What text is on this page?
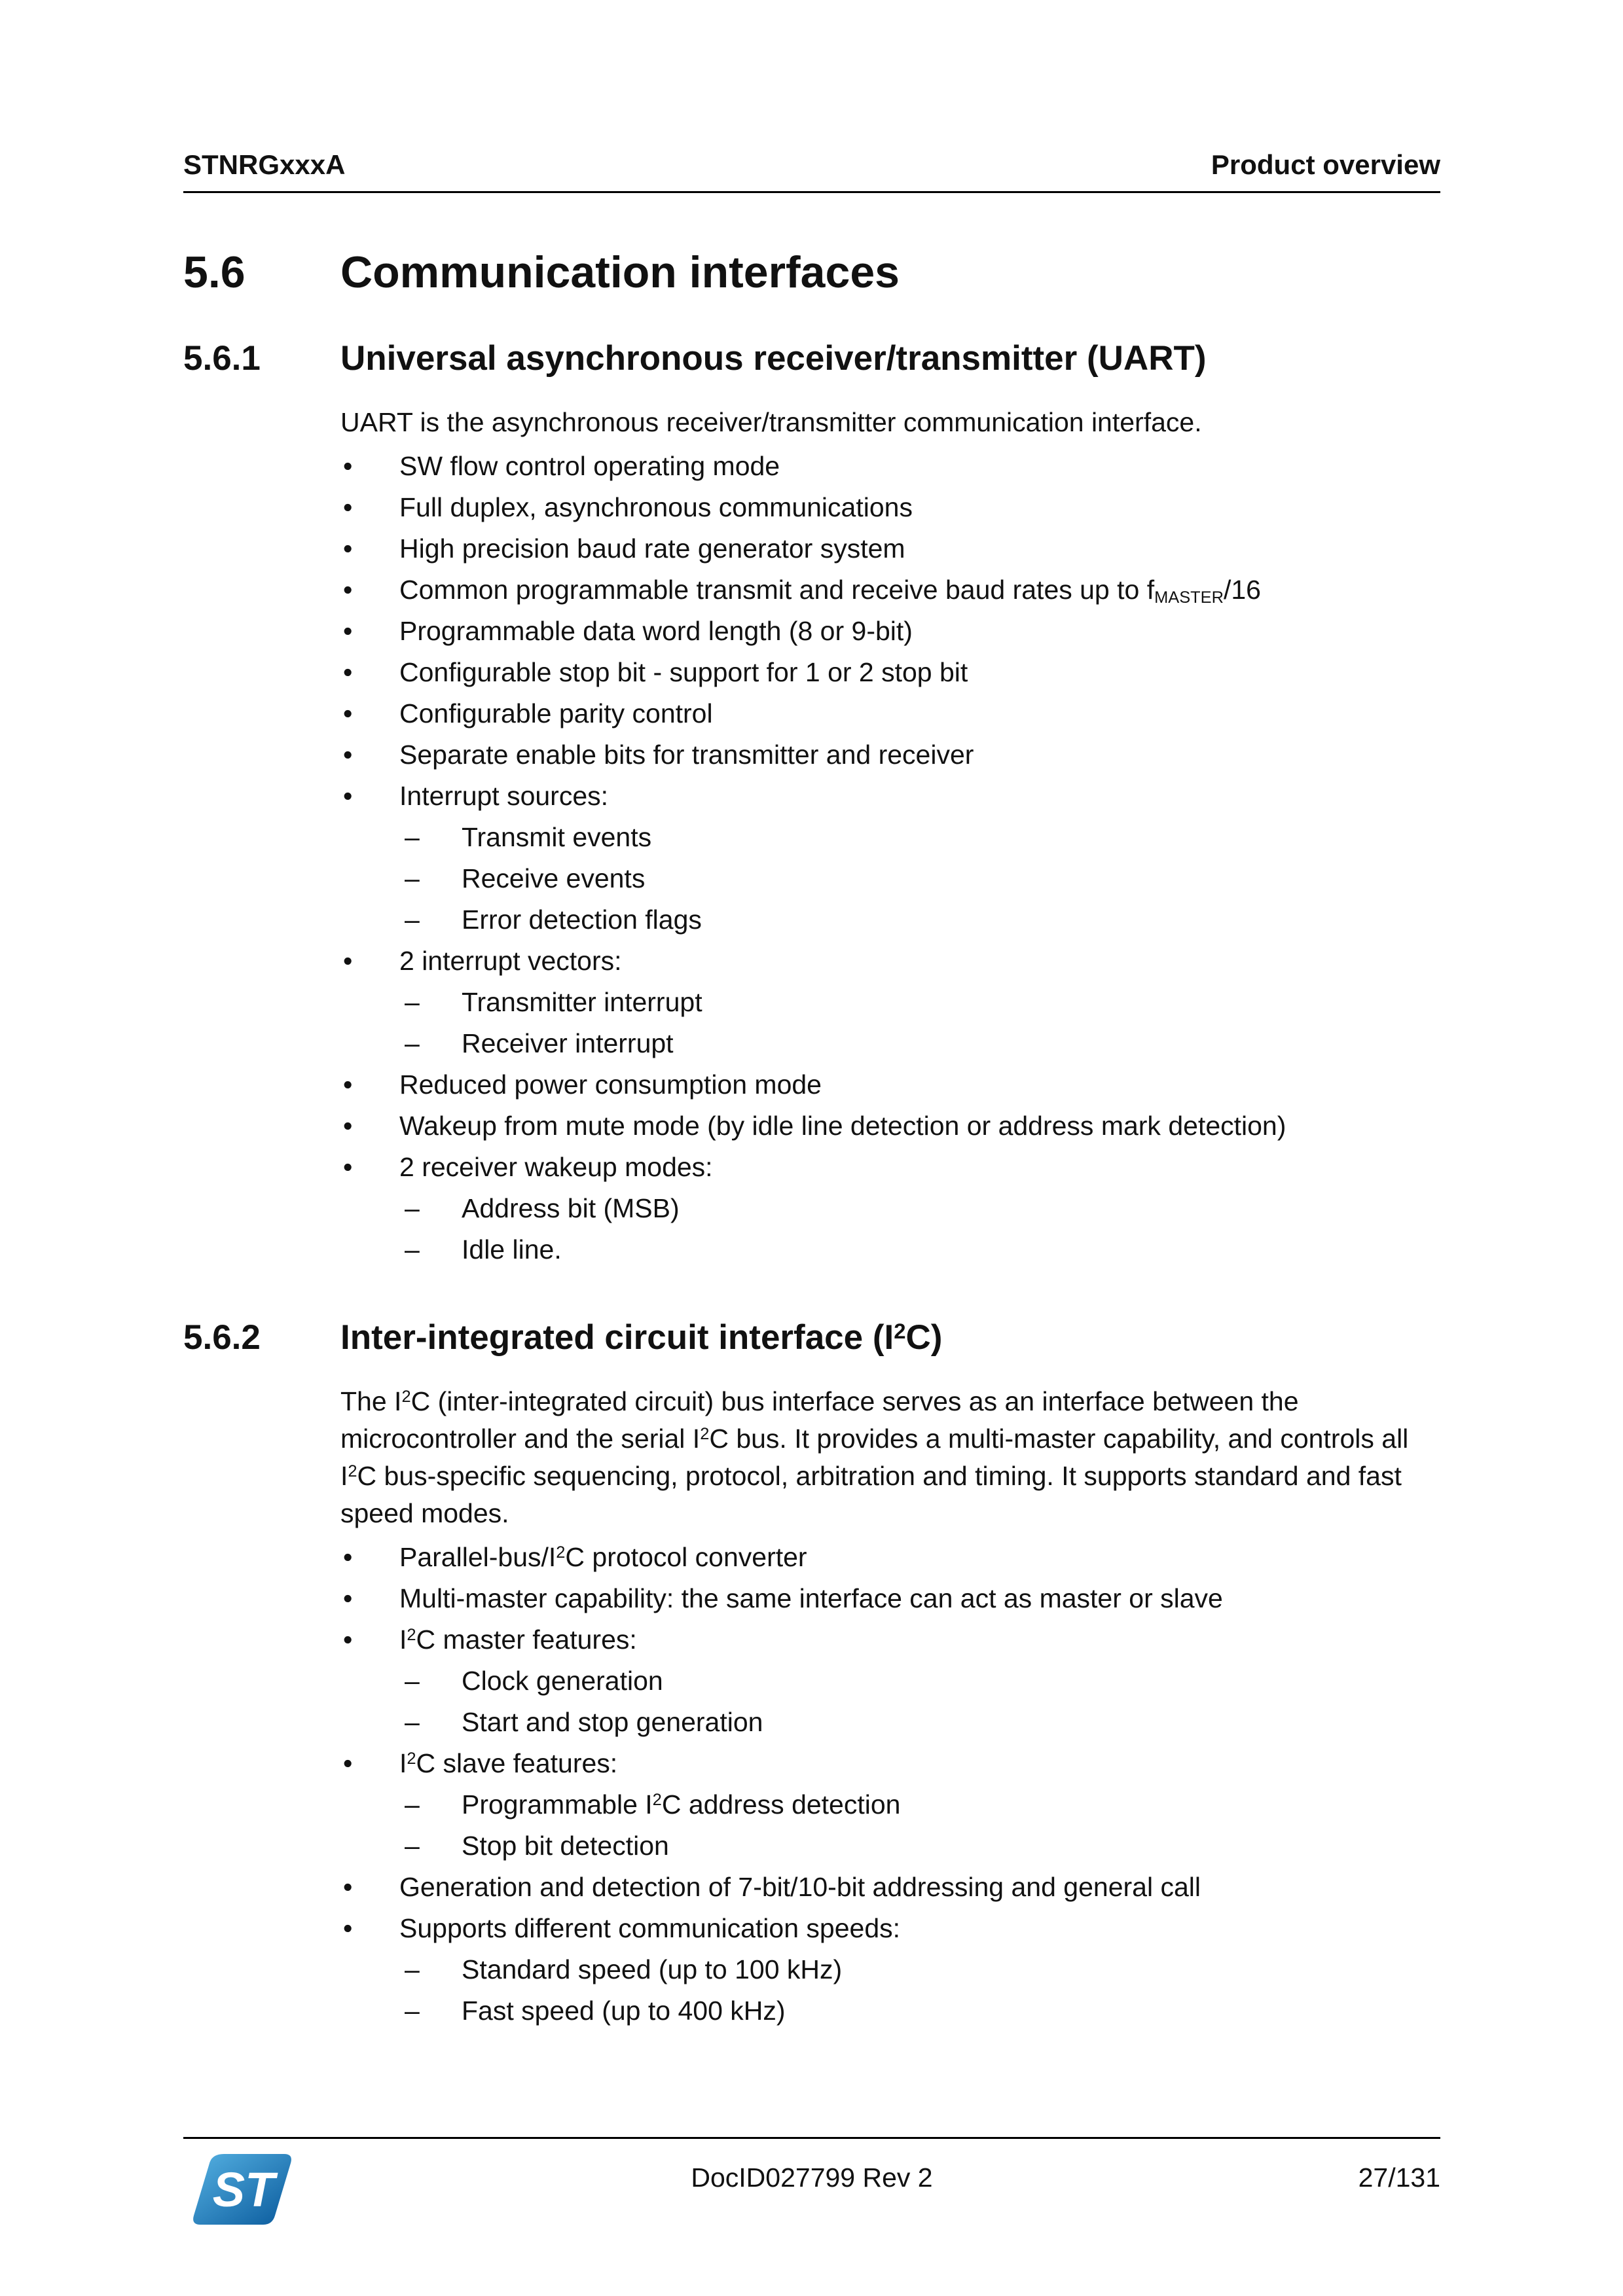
STNRGxxxA	Product overview
5.6	Communication interfaces
5.6.1	Universal asynchronous receiver/transmitter (UART)

UART is the asynchronous receiver/transmitter communication interface.

• SW flow control operating mode
• Full duplex, asynchronous communications
• High precision baud rate generator system
• Common programmable transmit and receive baud rates up to $f_{MASTER}/16$
• Programmable data word length (8 or 9-bit)
• Configurable stop bit - support for 1 or 2 stop bit
• Configurable parity control
• Separate enable bits for transmitter and receiver
• Interrupt sources:
– Transmit events
– Receive events
– Error detection flags
• 2 interrupt vectors:
– Transmitter interrupt
– Receiver interrupt
• Reduced power consumption mode
• Wakeup from mute mode (by idle line detection or address mark detection)
• 2 receiver wakeup modes:
– Address bit (MSB)
– Idle line.
5.6.2	Inter-integrated circuit interface $(I^2C)$

The $I^2C$ (inter-integrated circuit) bus interface serves as an interface between the microcontroller and the serial $I^2C$ bus. It provides a multi-master capability, and controls all $I^2C$ bus-specific sequencing, protocol, arbitration and timing. It supports standard and fast speed modes.

• Parallel-$bus/I^2C$ protocol converter
• Multi-master capability: the same interface can act as master or slave
• $I^2C$ master features:
– Clock generation
– Start and stop generation
• $I^2C$ slave features:
– Programmable $I^2C$ address detection
– Stop bit detection
• Generation and detection of 7-bit/10-bit addressing and general call
• Supports different communication speeds:
– Standard speed (up to 100 kHz)
– Fast speed (up to 400 kHz)
ST	DocID027799 Rev 2	27/131
